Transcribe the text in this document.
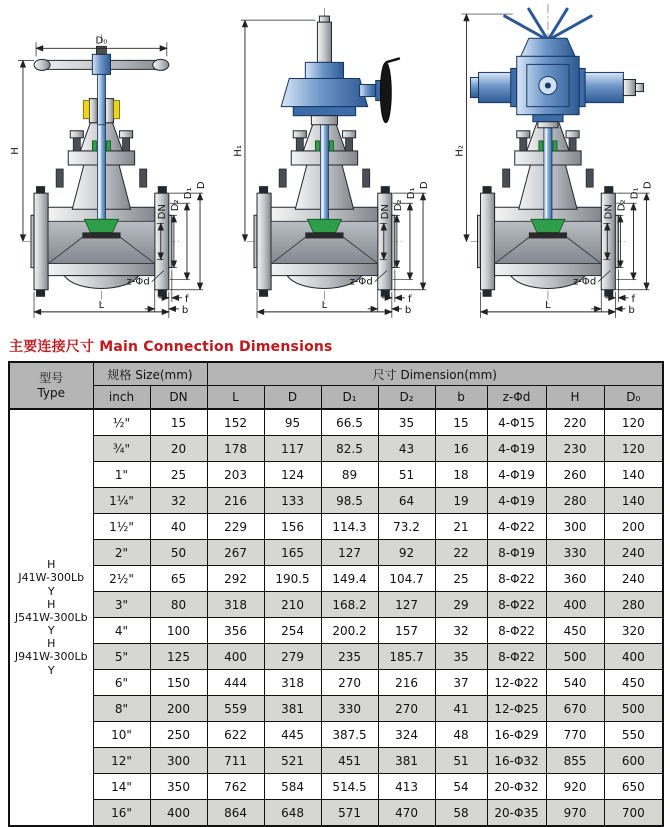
D₀
H
DN D₂
D₁
D
z-Φd
f
b
L
H₁
DN D₂
D₁
D
z-Φd
f
b
L
H₂
DN D₂
D₁
D
z-Φd
f
b
L
主要连接尺寸 Main Connection Dimensions
型号
Type	规格 Size(mm)		尺寸 Dimension(mm)							
	inch	DN	L	D	D₁	D₂	b	z-Φd	H	D₀

H
J41W-300Lb
Y
H
J541W-300Lb
Y
H
J941W-300Lb
Y
	½"	15	152	95	66.5	35	15	4-Φ15	220	120
	¾"	20	178	117	82.5	43	16	4-Φ19	230	120
	1"	25	203	124	89	51	18	4-Φ19	260	140
	1¼"	32	216	133	98.5	64	19	4-Φ19	280	140
	1½"	40	229	156	114.3	73.2	21	4-Φ22	300	200
	2"	50	267	165	127	92	22	8-Φ19	330	240
	2½"	65	292	190.5	149.4	104.7	25	8-Φ22	360	240
	3"	80	318	210	168.2	127	29	8-Φ22	400	280
	4"	100	356	254	200.2	157	32	8-Φ22	450	320
	5"	125	400	279	235	185.7	35	8-Φ22	500	400
	6"	150	444	318	270	216	37	12-Φ22	540	450
	8"	200	559	381	330	270	41	12-Φ25	670	500
	10"	250	622	445	387.5	324	48	16-Φ29	770	550
	12"	300	711	521	451	381	51	16-Φ32	855	600
	14"	350	762	584	514.5	413	54	20-Φ32	920	650
	16"	400	864	648	571	470	58	20-Φ35	970	700
